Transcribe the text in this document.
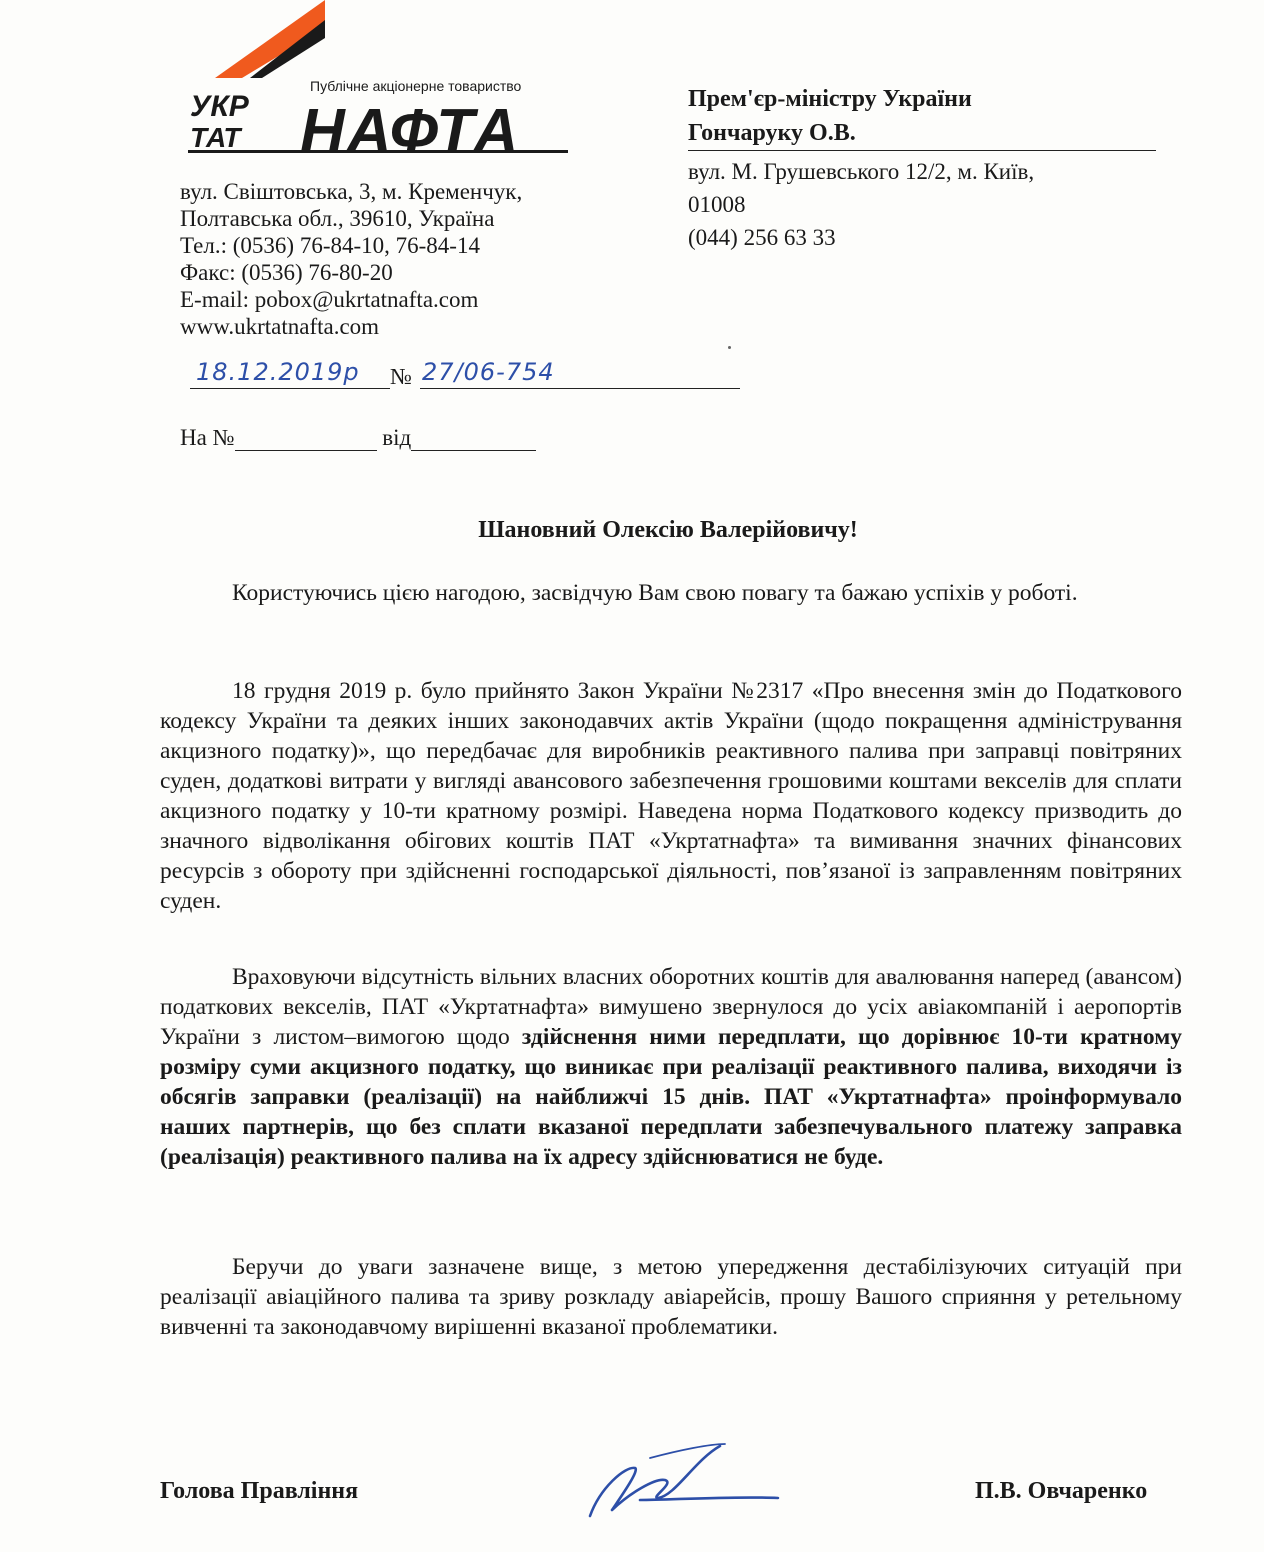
Публічне акціонерне товариство
УКР
ТАТ НАФТА
вул. Свіштовська, 3, м. Кременчук,
Полтавська обл., 39610, Україна
Тел.: (0536) 76-84-10, 76-84-14
Факс: (0536) 76-80-20
E-mail: pobox@ukrtatnafta.com
www.ukrtatnafta.com
Прем'єр-міністру України
Гончаруку О.В.
вул. М. Грушевського 12/2, м. Київ,
01008
(044) 256 63 33
18.12.2019р № 27/06-754
На №	від
Шановний Олексію Валерійовичу!

Користуючись цією нагодою, засвідчую Вам свою повагу та бажаю успіхів у роботі.

18 грудня 2019 р. було прийнято Закон України №2317 «Про внесення змін до Податкового кодексу України та деяких інших законодавчих актів України (щодо покращення адміністрування акцизного податку)», що передбачає для виробників реактивного палива при заправці повітряних суден, додаткові витрати у вигляді авансового забезпечення грошовими коштами векселів для сплати акцизного податку у 10-ти кратному розмірі. Наведена норма Податкового кодексу призводить до значного відволікання обігових коштів ПАТ «Укртатнафта» та вимивання значних фінансових ресурсів з обороту при здійсненні господарської діяльності, пов’язаної із заправленням повітряних суден.

Враховуючи відсутність вільних власних оборотних коштів для авалювання наперед (авансом) податкових векселів, ПАТ «Укртатнафта» вимушено звернулося до усіх авіакомпаній і аеропортів України з листом–вимогою щодо здійснення ними передплати, що дорівнює 10-ти кратному розміру суми акцизного податку, що виникає при реалізації реактивного палива, виходячи із обсягів заправки (реалізації) на найближчі 15 днів. ПАТ «Укртатнафта» проінформувало наших партнерів, що без сплати вказаної передплати забезпечувального платежу заправка (реалізація) реактивного палива на їх адресу здійснюватися не буде.

Беручи до уваги зазначене вище, з метою упередження дестабілізуючих ситуацій при реалізації авіаційного палива та зриву розкладу авіарейсів, прошу Вашого сприяння у ретельному вивченні та законодавчому вирішенні вказаної проблематики.

Голова Правління	П.В. Овчаренко
